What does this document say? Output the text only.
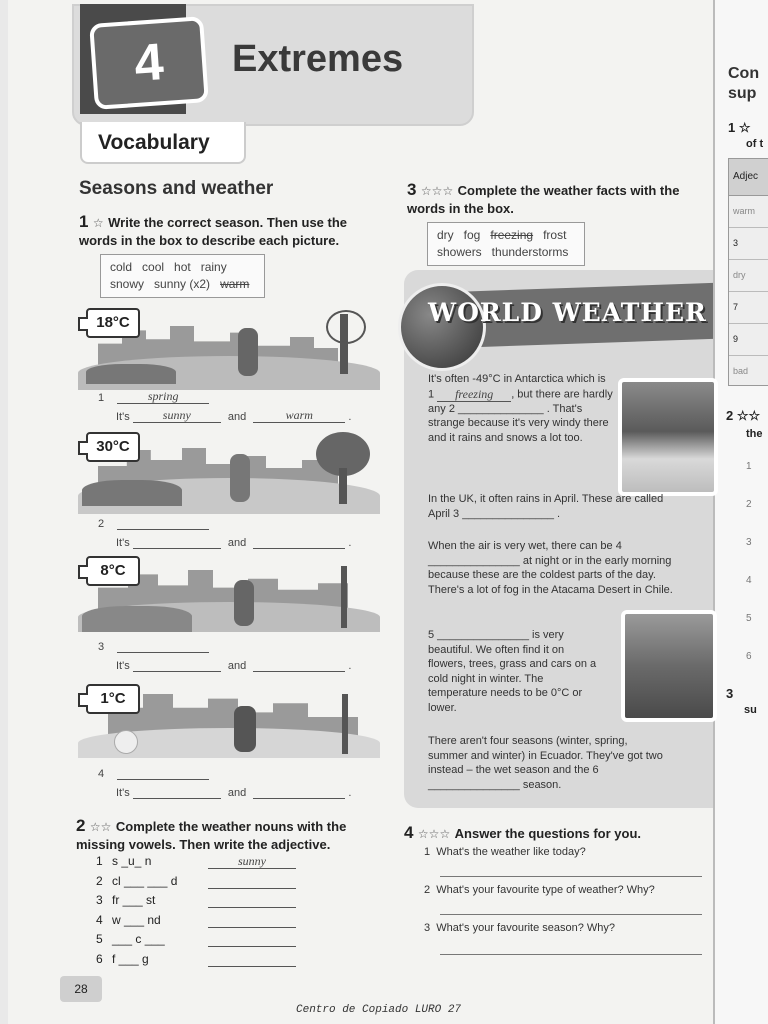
4	Extremes
Vocabulary
Seasons and weather
1 ☆ Write the correct season. Then use the words in the box to describe each picture.
cold   cool   hot   rainy
snowy   sunny (x2) warm
18°C
1	spring
It's	sunny	and	warm	.
30°C
2
It's	and	.
8°C
3
It's	and	.
1°C
4
It's	and	.
2 ☆☆ Complete the weather nouns with the missing vowels. Then write the adjective.
1 s _u_ n	sunny
2 cl ___ ___ d
3 fr ___ st
4 w ___ nd
5 ___ c ___
6 f ___ g
3 ☆☆☆ Complete the weather facts with the words in the box.
dry   fog freezing frost
showers   thunderstorms
WORLD WEATHER
It's often -49°C in Antarctica which is 1 freezing , but there are hardly any 2 ______________ . That's strange because it's very windy there and it rains and snows a lot too.
In the UK, it often rains in April. These are called April 3 _______________ .
When the air is very wet, there can be 4 _______________ at night or in the early morning because these are the coldest parts of the day. There's a lot of fog in the Atacama Desert in Chile.
5 _______________ is very beautiful. We often find it on flowers, trees, grass and cars on a cold night in winter. The temperature needs to be 0°C or lower.
There aren't four seasons (winter, spring, summer and winter) in Ecuador. They've got two instead – the wet season and the 6 _______________ season.
4 ☆☆☆ Answer the questions for you.
1 What's the weather like today?
2 What's your favourite type of weather? Why?
3 What's your favourite season? Why?
28
Centro de Copiado LURO 27
Con
sup
1 ☆
of t
Adjec
warm
3
dry
7
9
bad
2 ☆☆
the
1
2
3
4
5
6
3
su
